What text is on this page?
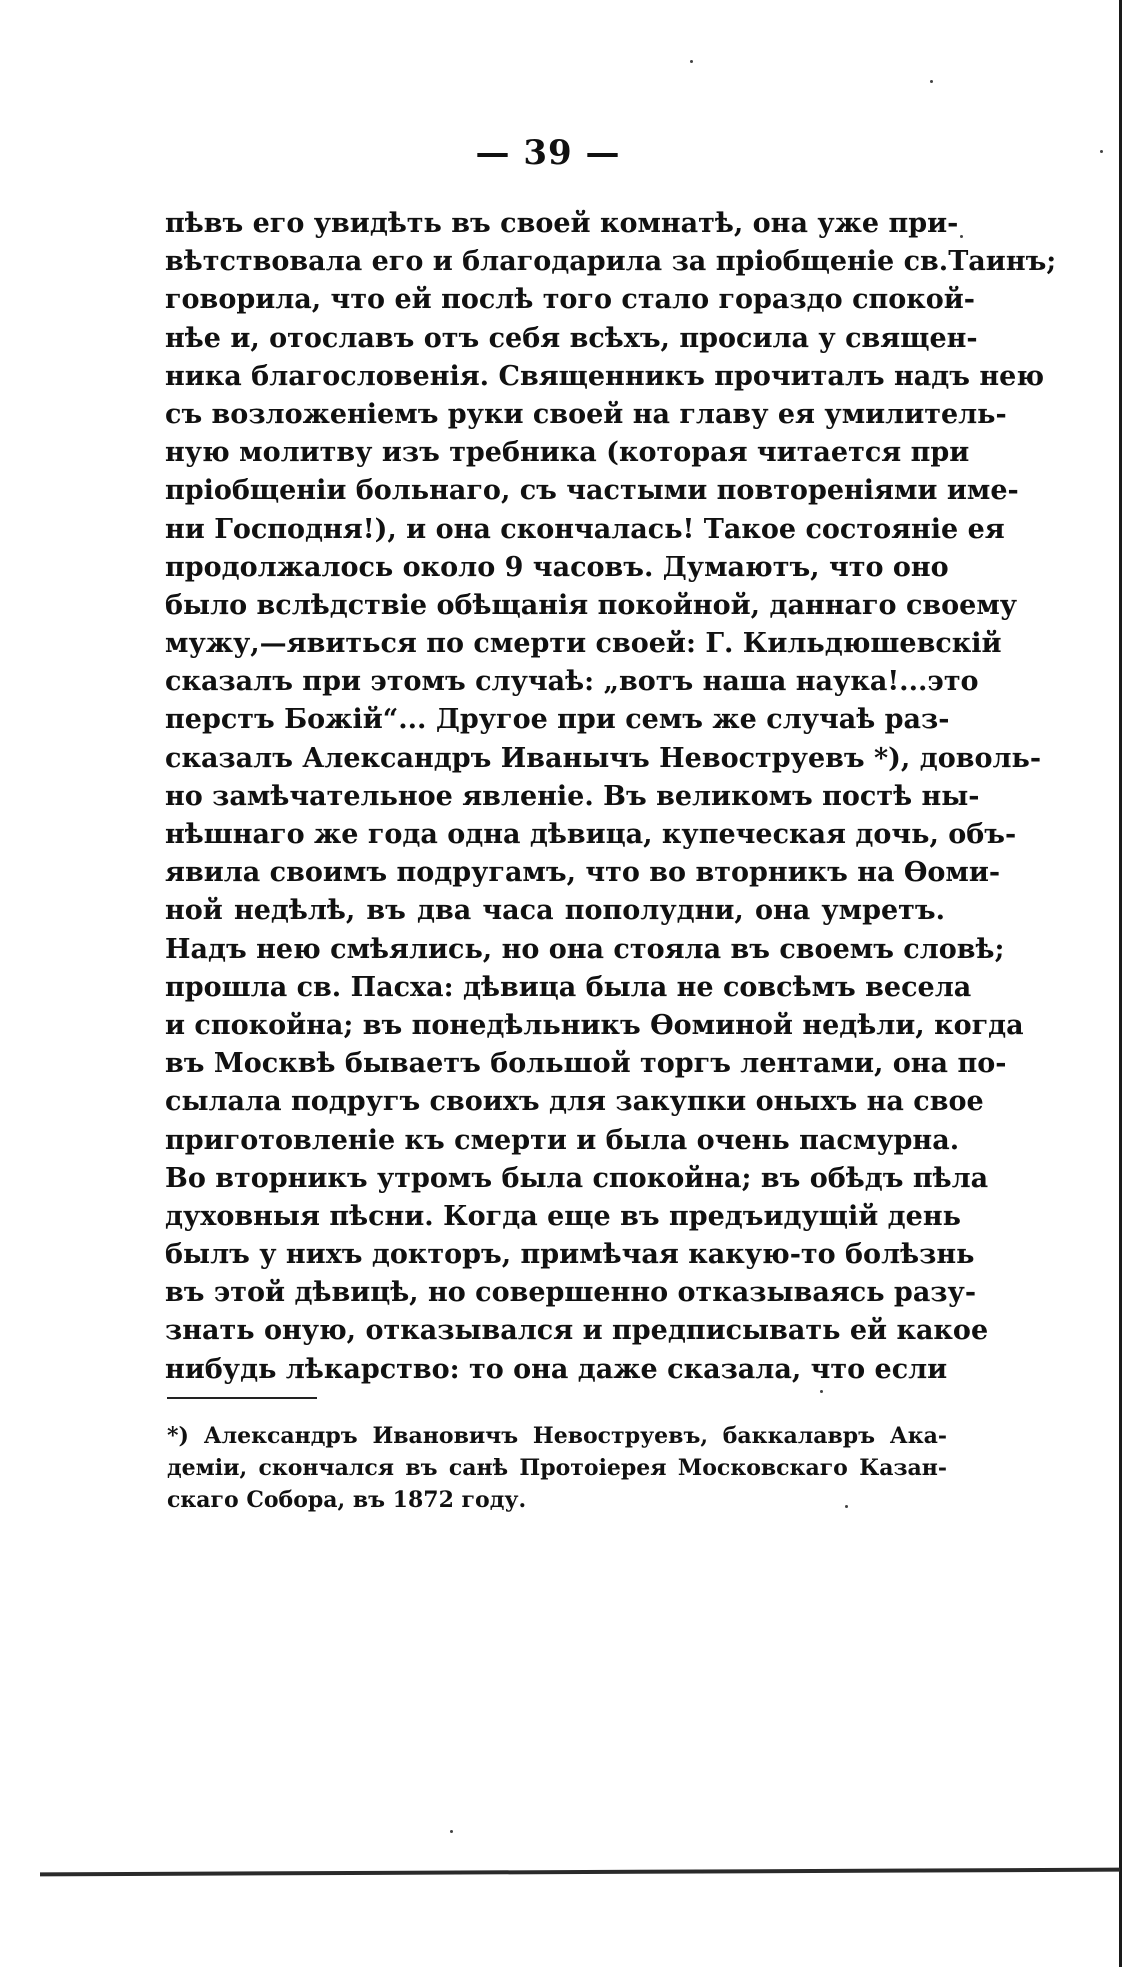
— 39 —
пѣвъ его увидѣть въ своей комнатѣ, она уже при-
вѣтствовала его и благодарила за пріобщеніе св.Таинъ;
говорила, что ей послѣ того стало гораздо спокой-
нѣе и, отославъ отъ себя всѣхъ, просила у священ-
ника благословенія. Священникъ прочиталъ надъ нею
съ возложеніемъ руки своей на главу ея умилитель-
ную молитву изъ требника (которая читается при
пріобщеніи больнаго, съ частыми повтореніями име-
ни Господня!), и она скончалась! Такое состояніе ея
продолжалось около 9 часовъ. Думаютъ, что оно
было вслѣдствіе обѣщанія покойной, даннаго своему
мужу,—явиться по смерти своей: Г. Кильдюшевскій
сказалъ при этомъ случаѣ: „вотъ наша наука!...это
перстъ Божій“... Другое при семъ же случаѣ раз-
сказалъ Александръ Иванычъ Невоструевъ *), доволь-
но замѣчательное явленіе. Въ великомъ постѣ ны-
нѣшнаго же года одна дѣвица, купеческая дочь, объ-
явила своимъ подругамъ, что во вторникъ на Ѳоми-
ной недѣлѣ, въ два часа пополудни, она умретъ.
Надъ нею смѣялись, но она стояла въ своемъ словѣ;
прошла св. Пасха: дѣвица была не совсѣмъ весела
и спокойна; въ понедѣльникъ Ѳоминой недѣли, когда
въ Москвѣ бываетъ большой торгъ лентами, она по-
сылала подругъ своихъ для закупки оныхъ на свое
приготовленіе къ смерти и была очень пасмурна.
Во вторникъ утромъ была спокойна; въ обѣдъ пѣла
духовныя пѣсни. Когда еще въ предъидущій день
былъ у нихъ докторъ, примѣчая какую-то болѣзнь
въ этой дѣвицѣ, но совершенно отказываясь разу-
знать оную, отказывался и предписывать ей какое
нибудь лѣкарство: то она даже сказала, что если
*) Александръ Ивановичъ Невоструевъ, баккалавръ Ака-
деміи, скончался въ санѣ Протоіерея Московскаго Казан-
скаго Собора, въ 1872 году.
